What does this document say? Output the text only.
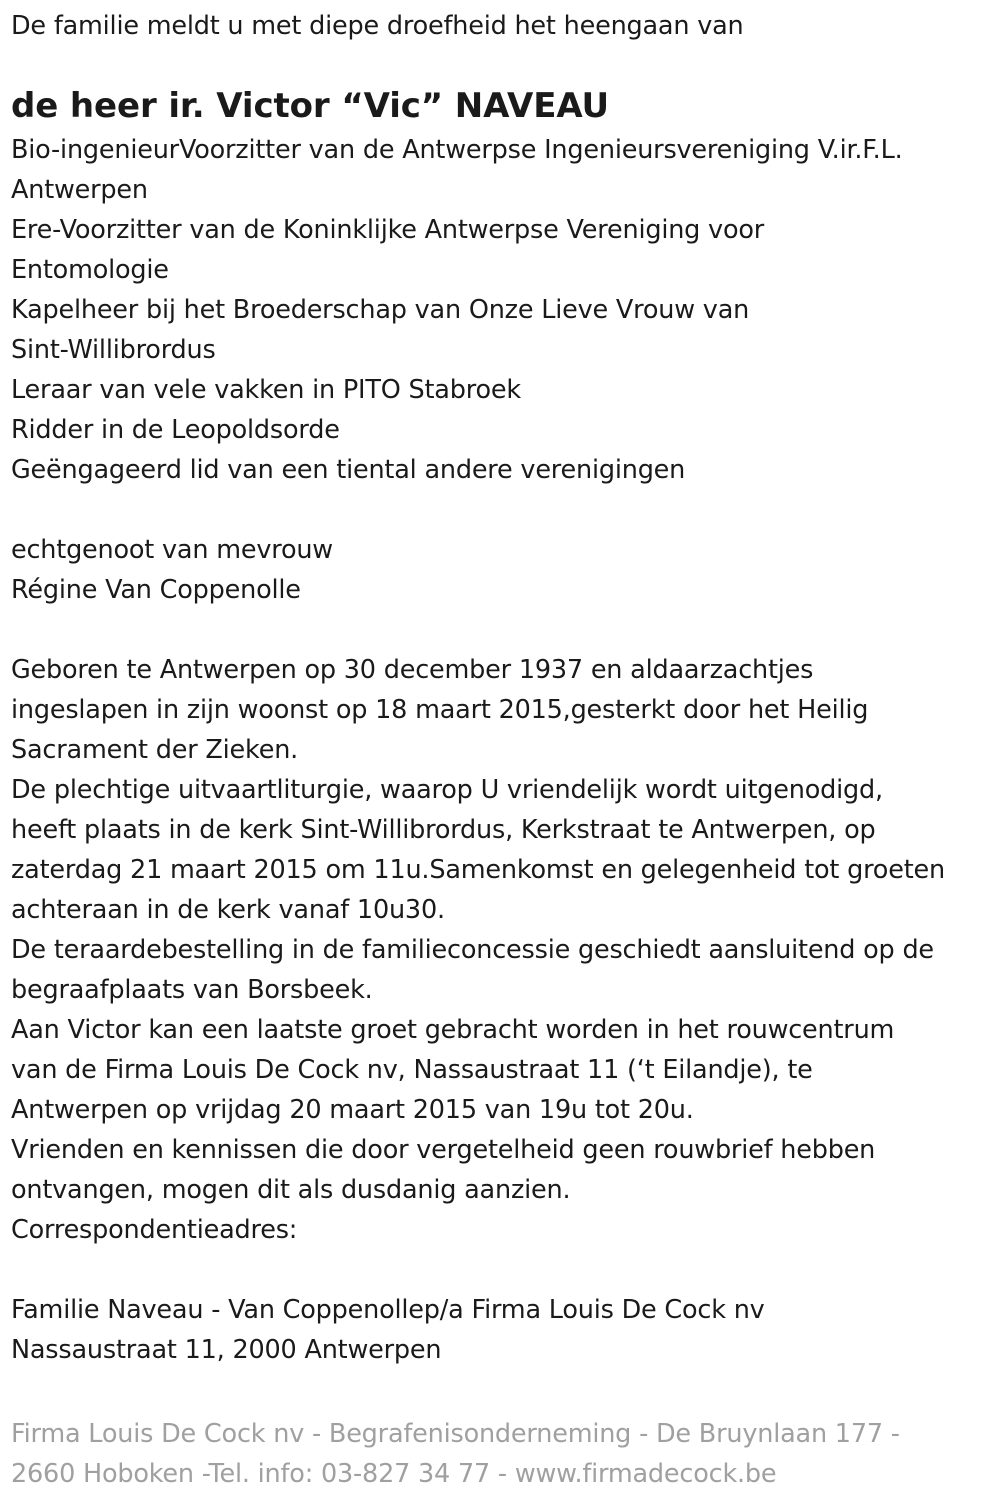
De familie meldt u met diepe droefheid het heengaan van
de heer ir. Victor “Vic” NAVEAU
Bio-ingenieurVoorzitter van de Antwerpse Ingenieursvereniging V.ir.F.L.
Antwerpen
Ere-Voorzitter van de Koninklijke Antwerpse Vereniging voor
Entomologie
Kapelheer bij het Broederschap van Onze Lieve Vrouw van
Sint-Willibrordus
Leraar van vele vakken in PITO Stabroek
Ridder in de Leopoldsorde
Geëngageerd lid van een tiental andere verenigingen
echtgenoot van mevrouw
Régine Van Coppenolle
Geboren te Antwerpen op 30 december 1937 en aldaarzachtjes
ingeslapen in zijn woonst op 18 maart 2015,gesterkt door het Heilig
Sacrament der Zieken.
De plechtige uitvaartliturgie, waarop U vriendelijk wordt uitgenodigd,
heeft plaats in de kerk Sint-Willibrordus, Kerkstraat te Antwerpen, op
zaterdag 21 maart 2015 om 11u.Samenkomst en gelegenheid tot groeten
achteraan in de kerk vanaf 10u30.
De teraardebestelling in de familieconcessie geschiedt aansluitend op de
begraafplaats van Borsbeek.
Aan Victor kan een laatste groet gebracht worden in het rouwcentrum
van de Firma Louis De Cock nv, Nassaustraat 11 (‘t Eilandje), te
Antwerpen op vrijdag 20 maart 2015 van 19u tot 20u.
Vrienden en kennissen die door vergetelheid geen rouwbrief hebben
ontvangen, mogen dit als dusdanig aanzien.
Correspondentieadres:
Familie Naveau - Van Coppenollep/a Firma Louis De Cock nv
Nassaustraat 11, 2000 Antwerpen
Firma Louis De Cock nv - Begrafenisonderneming - De Bruynlaan 177 -
2660 Hoboken -Tel. info: 03-827 34 77 - www.firmadecock.be
